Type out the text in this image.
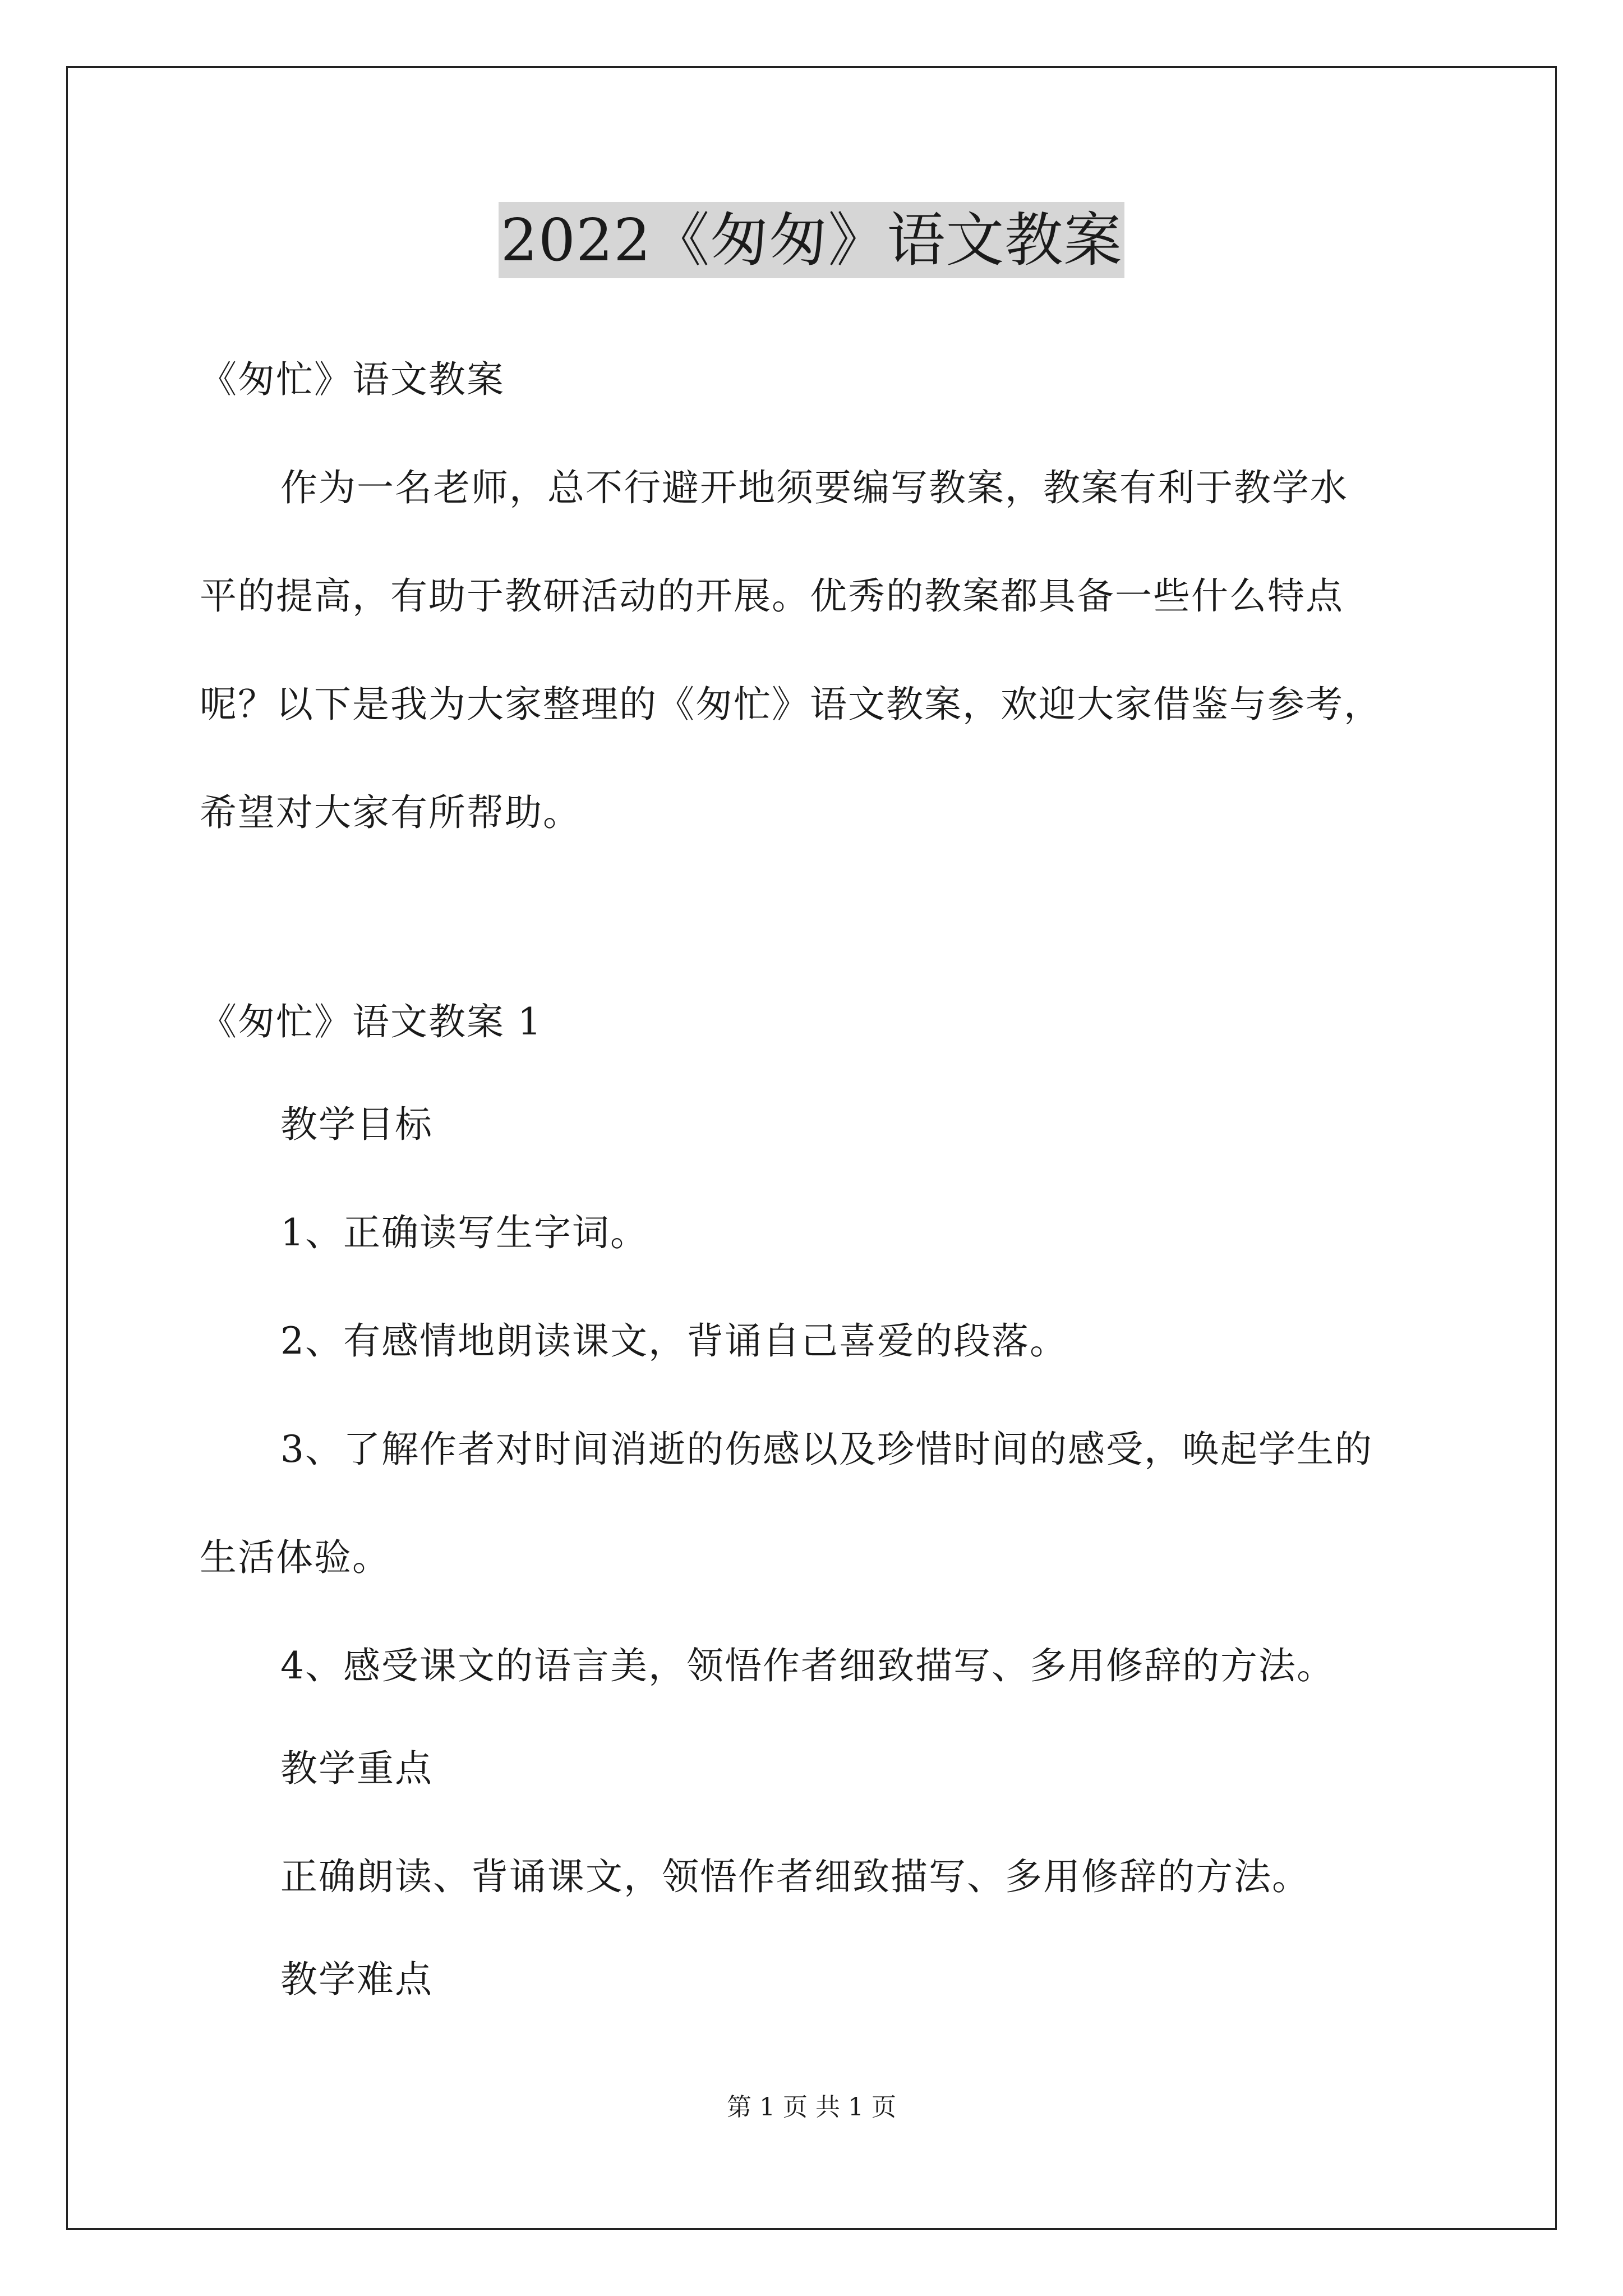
2022《匆匆》语文教案
《匆忙》语文教案
作为一名老师，总不行避开地须要编写教案，教案有利于教学水
平的提高，有助于教研活动的开展。优秀的教案都具备一些什么特点
呢？以下是我为大家整理的《匆忙》语文教案，欢迎大家借鉴与参考，
希望对大家有所帮助。
《匆忙》语文教案 1
教学目标
1、正确读写生字词。
2、有感情地朗读课文，背诵自己喜爱的段落。
3、了解作者对时间消逝的伤感以及珍惜时间的感受，唤起学生的
生活体验。
4、感受课文的语言美，领悟作者细致描写、多用修辞的方法。
教学重点
正确朗读、背诵课文，领悟作者细致描写、多用修辞的方法。
教学难点
第 1 页 共 1 页
